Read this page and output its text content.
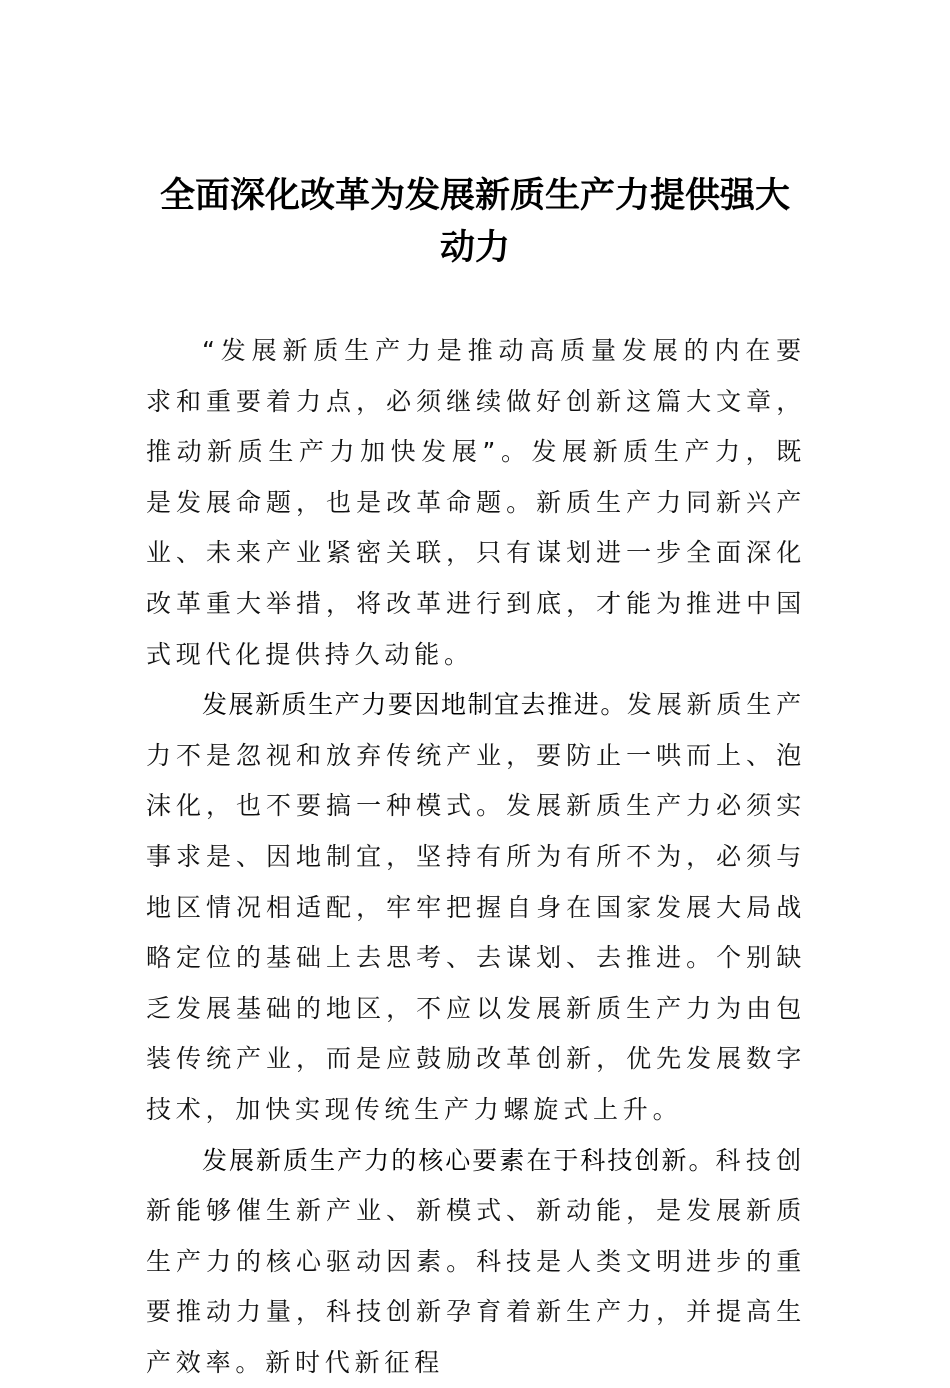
全面深化改革为发展新质生产力提供强大动力

“发展新质生产力是推动高质量发展的内在要求和重要着力点，必须继续做好创新这篇大文章，推动新质生产力加快发展”。发展新质生产力，既是发展命题，也是改革命题。新质生产力同新兴产业、未来产业紧密关联，只有谋划进一步全面深化改革重大举措，将改革进行到底，才能为推进中国式现代化提供持久动能。

发展新质生产力要因地制宜去推进。发展新质生产力不是忽视和放弃传统产业，要防止一哄而上、泡沫化，也不要搞一种模式。发展新质生产力必须实事求是、因地制宜，坚持有所为有所不为，必须与地区情况相适配，牢牢把握自身在国家发展大局战略定位的基础上去思考、去谋划、去推进。个别缺乏发展基础的地区，不应以发展新质生产力为由包装传统产业，而是应鼓励改革创新，优先发展数字技术，加快实现传统生产力螺旋式上升。

发展新质生产力的核心要素在于科技创新。科技创新能够催生新产业、新模式、新动能，是发展新质生产力的核心驱动因素。科技是人类文明进步的重要推动力量，科技创新孕育着新生产力，并提高生产效率。新时代新征程
